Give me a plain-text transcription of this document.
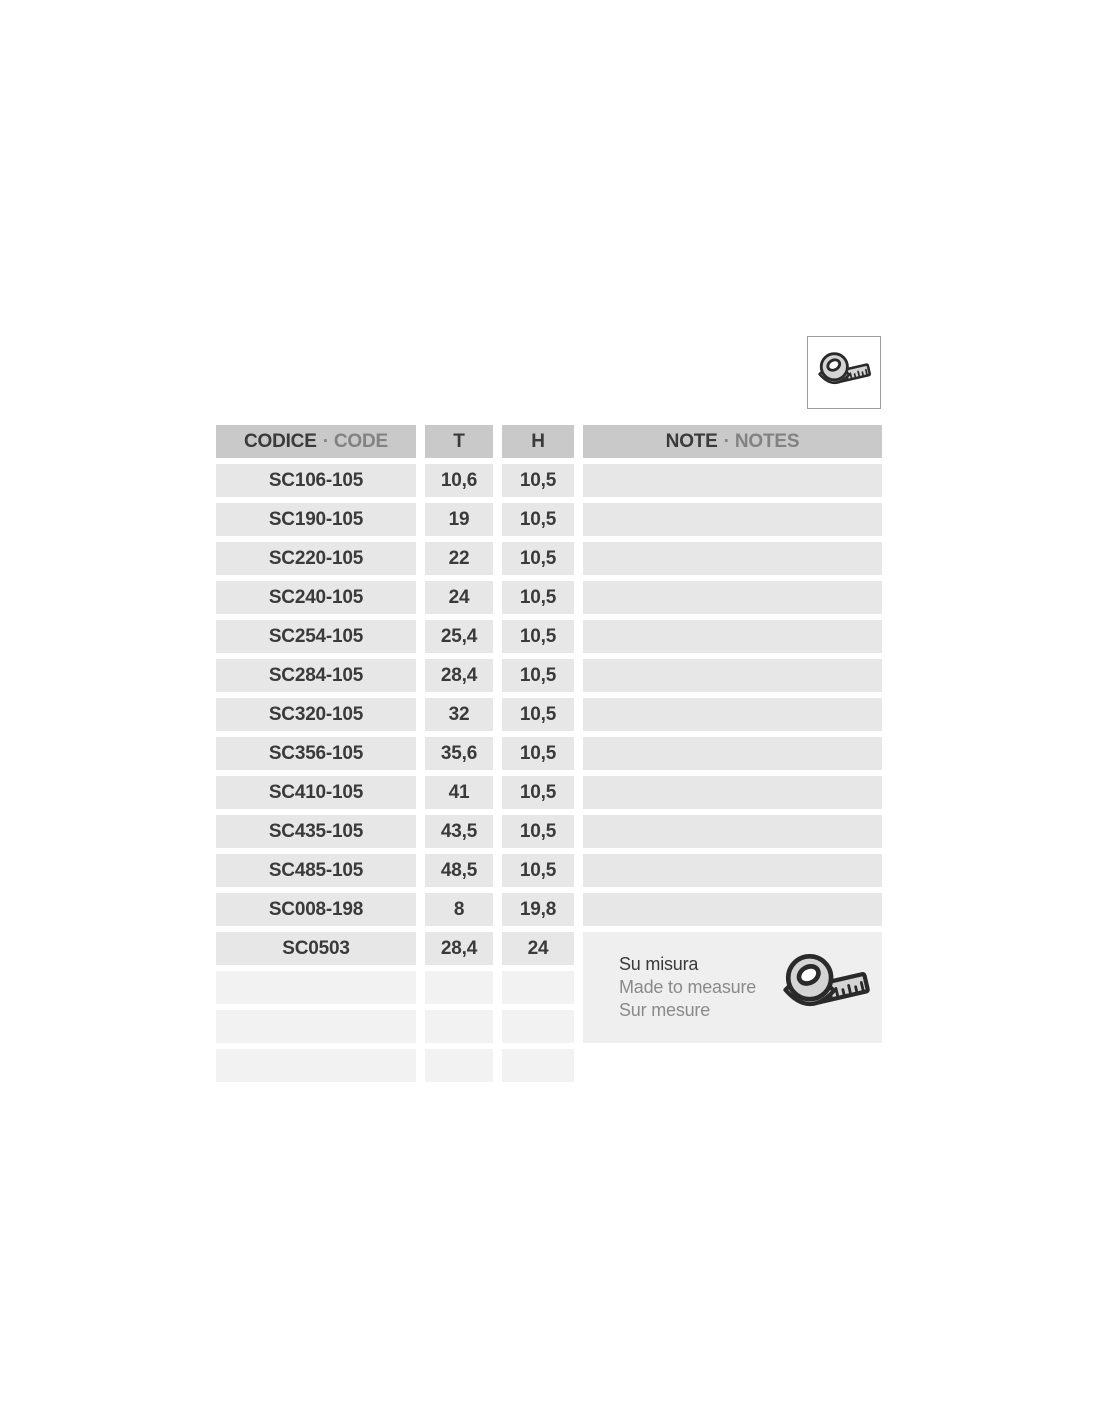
CODICE · CODE	T	H	NOTE · NOTES
SC106-105	10,6	10,5
SC190-105	19	10,5
SC220-105	22	10,5
SC240-105	24	10,5
SC254-105	25,4	10,5
SC284-105	28,4	10,5
SC320-105	32	10,5
SC356-105	35,6	10,5
SC410-105	41	10,5
SC435-105	43,5	10,5
SC485-105	48,5	10,5
SC008-198	8	19,8
SC0503	28,4	24
Su misura
Made to measure
Sur mesure
